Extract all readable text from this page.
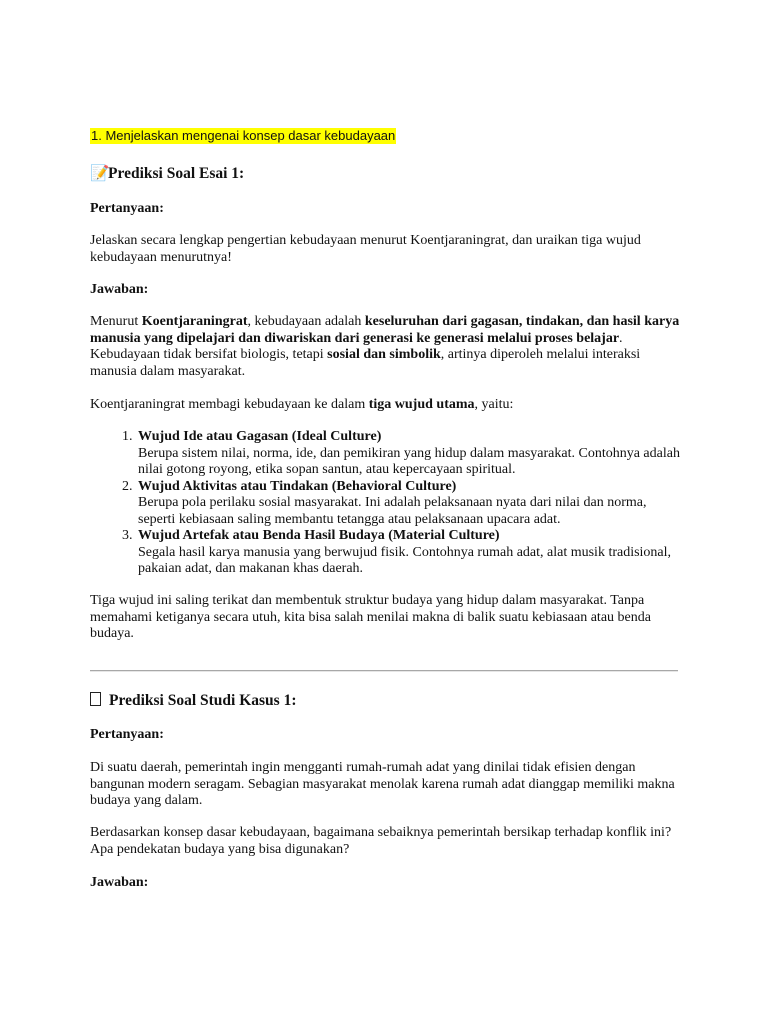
1. Menjelaskan mengenai konsep dasar kebudayaan
📝Prediksi Soal Esai 1:
Pertanyaan:
Jelaskan secara lengkap pengertian kebudayaan menurut Koentjaraningrat, dan uraikan tiga wujud kebudayaan menurutnya!
Jawaban:
Menurut Koentjaraningrat, kebudayaan adalah keseluruhan dari gagasan, tindakan, dan hasil karya manusia yang dipelajari dan diwariskan dari generasi ke generasi melalui proses belajar. Kebudayaan tidak bersifat biologis, tetapi sosial dan simbolik, artinya diperoleh melalui interaksi manusia dalam masyarakat.
Koentjaraningrat membagi kebudayaan ke dalam tiga wujud utama, yaitu:
1. Wujud Ide atau Gagasan (Ideal Culture)
Berupa sistem nilai, norma, ide, dan pemikiran yang hidup dalam masyarakat. Contohnya adalah nilai gotong royong, etika sopan santun, atau kepercayaan spiritual.
2. Wujud Aktivitas atau Tindakan (Behavioral Culture)
Berupa pola perilaku sosial masyarakat. Ini adalah pelaksanaan nyata dari nilai dan norma, seperti kebiasaan saling membantu tetangga atau pelaksanaan upacara adat.
3. Wujud Artefak atau Benda Hasil Budaya (Material Culture)
Segala hasil karya manusia yang berwujud fisik. Contohnya rumah adat, alat musik tradisional, pakaian adat, dan makanan khas daerah.
Tiga wujud ini saling terikat dan membentuk struktur budaya yang hidup dalam masyarakat. Tanpa memahami ketiganya secara utuh, kita bisa salah menilai makna di balik suatu kebiasaan atau benda budaya.
Prediksi Soal Studi Kasus 1:
Pertanyaan:
Di suatu daerah, pemerintah ingin mengganti rumah-rumah adat yang dinilai tidak efisien dengan bangunan modern seragam. Sebagian masyarakat menolak karena rumah adat dianggap memiliki makna budaya yang dalam.
Berdasarkan konsep dasar kebudayaan, bagaimana sebaiknya pemerintah bersikap terhadap konflik ini? Apa pendekatan budaya yang bisa digunakan?
Jawaban:
